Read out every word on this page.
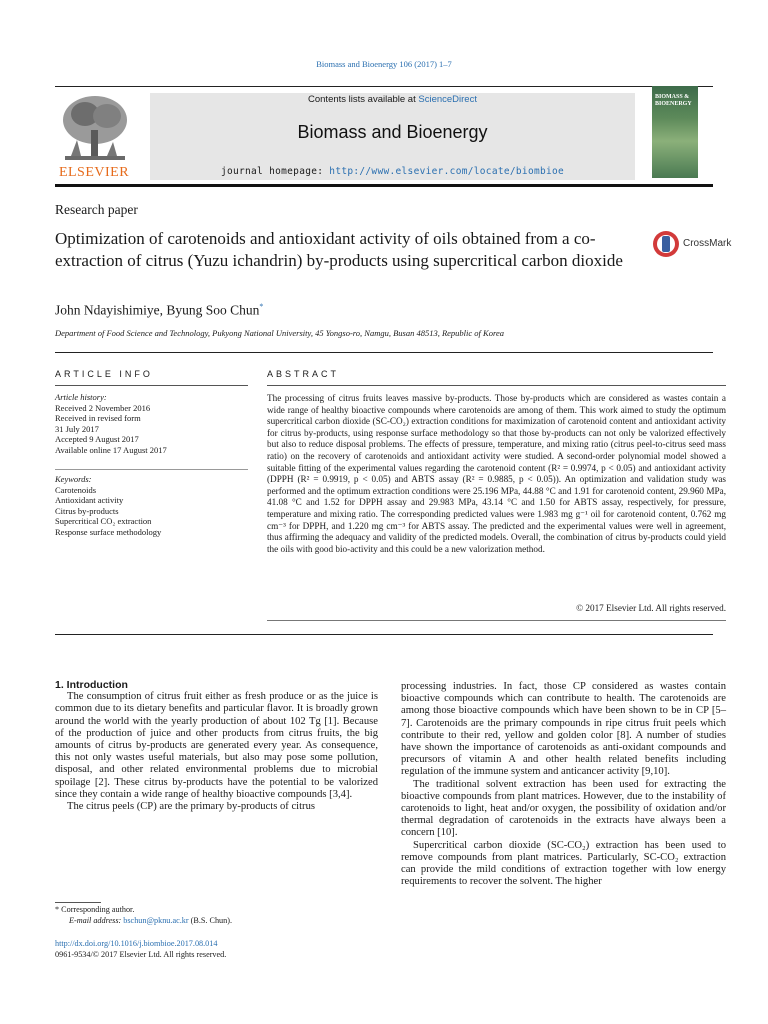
Biomass and Bioenergy 106 (2017) 1–7
ELSEVIER
Contents lists available at ScienceDirect
Biomass and Bioenergy
journal homepage: http://www.elsevier.com/locate/biombioe
BIOMASS & BIOENERGY
Research paper
Optimization of carotenoids and antioxidant activity of oils obtained from a co-extraction of citrus (Yuzu ichandrin) by-products using supercritical carbon dioxide
CrossMark
John Ndayishimiye, Byung Soo Chun*
Department of Food Science and Technology, Pukyong National University, 45 Yongso-ro, Namgu, Busan 48513, Republic of Korea
ARTICLE INFO	ABSTRACT
Article history:
Received 2 November 2016
Received in revised form
31 July 2017
Accepted 9 August 2017
Available online 17 August 2017
Keywords:
Carotenoids
Antioxidant activity
Citrus by-products
Supercritical CO₂ extraction
Response surface methodology
The processing of citrus fruits leaves massive by-products. Those by-products which are considered as wastes contain a wide range of healthy bioactive compounds where carotenoids are among of them. This work aimed to study the optimum supercritical carbon dioxide (SC-CO₂) extraction conditions for maximization of carotenoid content and antioxidant activity for citrus by-products, using response surface methodology so that those by-products can not only be valorized effectively but also to reduce disposal problems. The effects of pressure, temperature, and mixing ratio (citrus peel-to-citrus seed mass ratio) on the recovery of carotenoids and antioxidant activity were studied. A second-order polynomial model showed a suitable fitting of the experimental values regarding the carotenoid content (R² = 0.9974, p < 0.05) and antioxidant activity (DPPH (R² = 0.9919, p < 0.05) and ABTS assay (R² = 0.9885, p < 0.05)). An optimization and validation study was performed and the optimum extraction conditions were 25.196 MPa, 44.88 °C and 1.91 for carotenoid content, 29.960 MPa, 41.08 °C and 1.52 for DPPH assay and 29.983 MPa, 43.14 °C and 1.50 for ABTS assay, respectively, for pressure, temperature and mixing ratio. The corresponding predicted values were 1.983 mg g⁻¹ oil for carotenoid content, 0.762 mg cm⁻³ for DPPH, and 1.220 mg cm⁻³ for ABTS assay. The predicted and the experimental values were well in agreement, thus affirming the adequacy and validity of the predicted models. Overall, the combination of citrus by-products could yield the oils with good bio-activity and this could be a new valorization method.
© 2017 Elsevier Ltd. All rights reserved.

1. Introduction

The consumption of citrus fruit either as fresh produce or as the juice is common due to its dietary benefits and particular flavor. It is broadly grown around the world with the yearly production of about 102 Tg [1]. Because of the production of juice and other products from citrus fruits, the big amounts of citrus by-products are generated every year. As consequence, this not only wastes useful materials, but also may pose some pollution, disposal, and other related environmental problems due to microbial spoilage [2]. These citrus by-products have the potential to be valorized since they contain a wide range of healthy bioactive compounds [3,4].

The citrus peels (CP) are the primary by-products of citrus

processing industries. In fact, those CP considered as wastes contain bioactive compounds which can contribute to health. The carotenoids are among those bioactive compounds which have been shown to be in CP [5–7]. Carotenoids are the primary compounds in ripe citrus fruit peels which contribute to their red, yellow and golden color [8]. A number of studies have shown the importance of carotenoids as anti-oxidant compounds and precursors of vitamin A and other health related benefits including regulation of the immune system and anticancer activity [9,10].

The traditional solvent extraction has been used for extracting the bioactive compounds from plant matrices. However, due to the instability of carotenoids to light, heat and/or oxygen, the possibility of oxidation and/or thermal degradation of carotenoids in the extracts have always been a concern [10].

Supercritical carbon dioxide (SC-CO₂) extraction has been used to remove compounds from plant matrices. Particularly, SC-CO₂ extraction can provide the mild conditions of extraction together with low energy requirements to recover the solvent. The higher

* Corresponding author.
E-mail address: bschun@pknu.ac.kr (B.S. Chun).
http://dx.doi.org/10.1016/j.biombioe.2017.08.014
0961-9534/© 2017 Elsevier Ltd. All rights reserved.
